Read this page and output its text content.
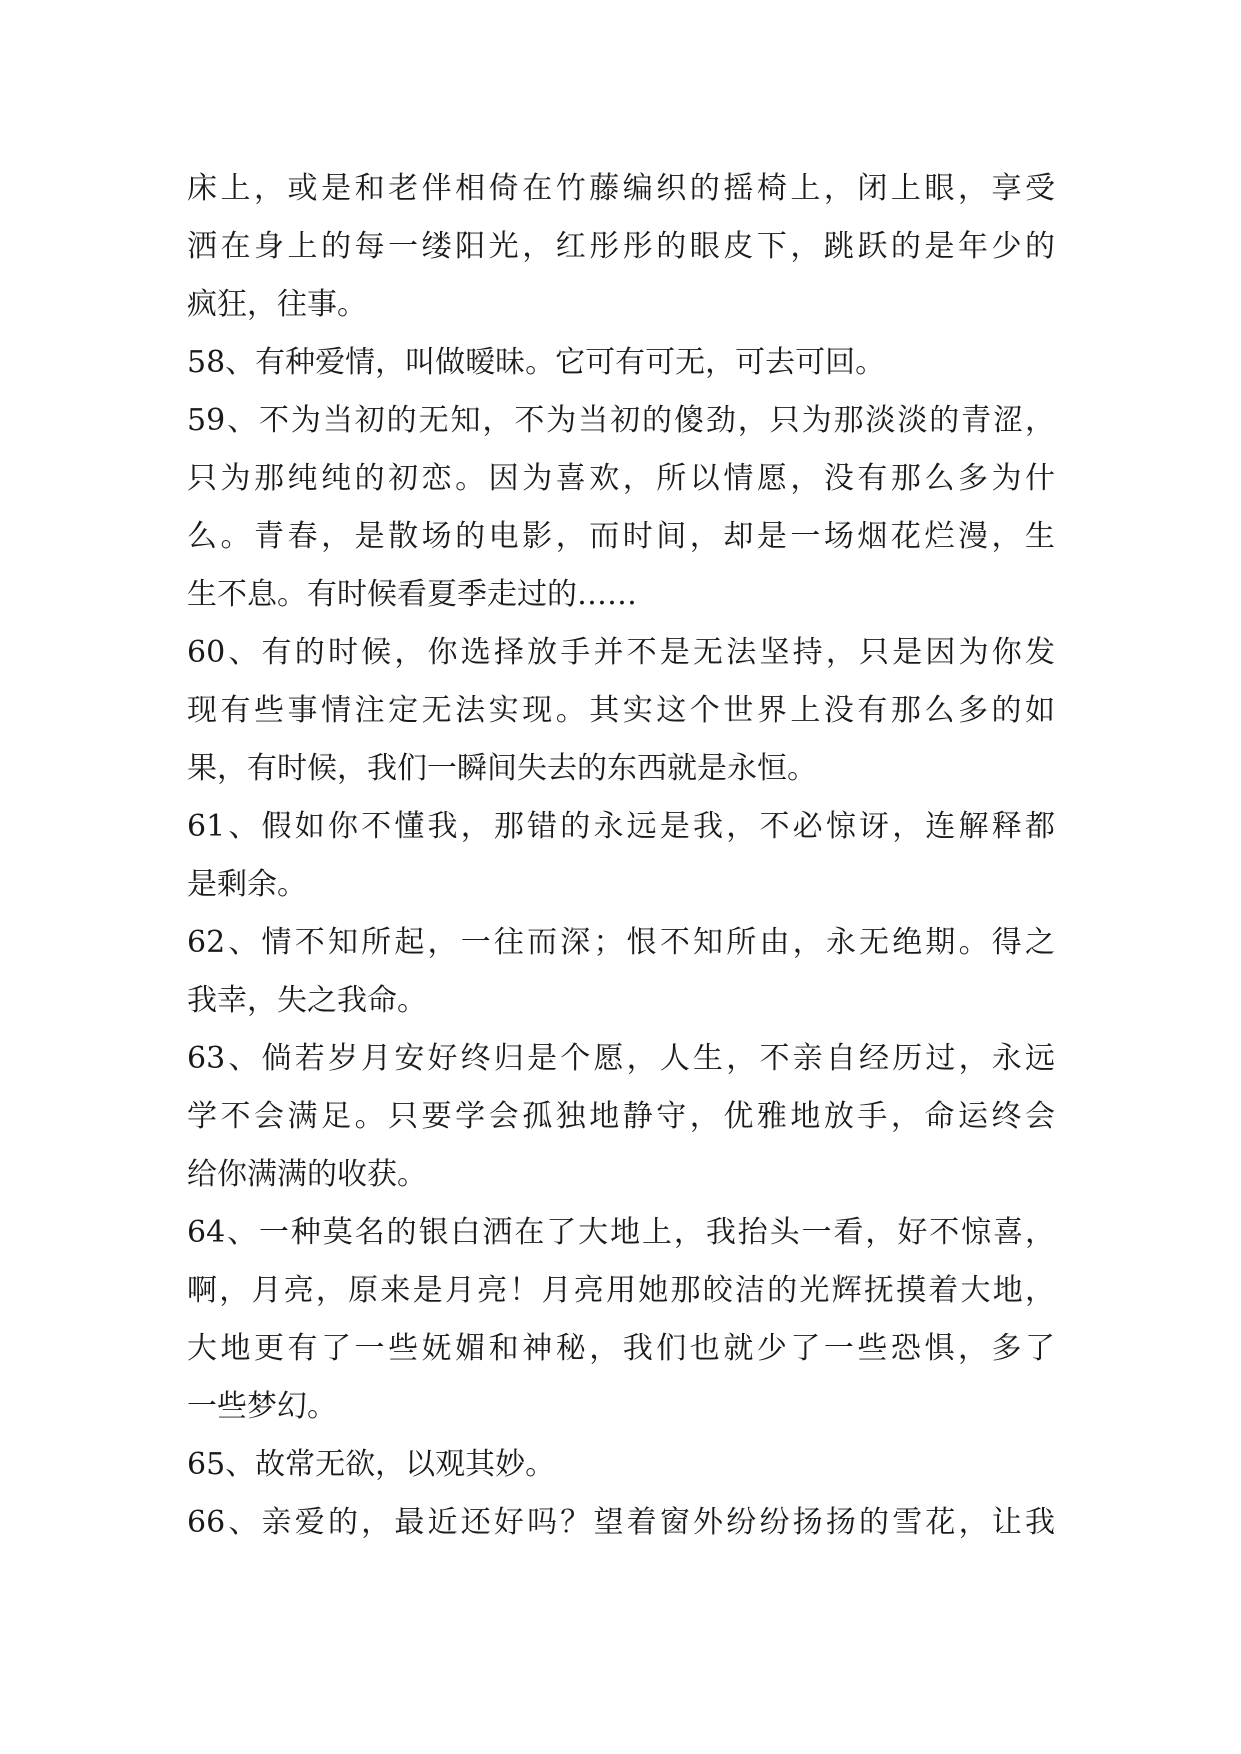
床上，或是和老伴相倚在竹藤编织的摇椅上，闭上眼，享受
洒在身上的每一缕阳光，红彤彤的眼皮下，跳跃的是年少的
疯狂，往事。
58、有种爱情，叫做暧昧。它可有可无，可去可回。
59、不为当初的无知，不为当初的傻劲，只为那淡淡的青涩，
只为那纯纯的初恋。因为喜欢，所以情愿，没有那么多为什
么。青春，是散场的电影，而时间，却是一场烟花烂漫，生
生不息。有时候看夏季走过的……
60、有的时候，你选择放手并不是无法坚持，只是因为你发
现有些事情注定无法实现。其实这个世界上没有那么多的如
果，有时候，我们一瞬间失去的东西就是永恒。
61、假如你不懂我，那错的永远是我，不必惊讶，连解释都
是剩余。
62、情不知所起，一往而深；恨不知所由，永无绝期。得之
我幸，失之我命。
63、倘若岁月安好终归是个愿，人生，不亲自经历过，永远
学不会满足。只要学会孤独地静守，优雅地放手，命运终会
给你满满的收获。
64、一种莫名的银白洒在了大地上，我抬头一看，好不惊喜，
啊，月亮，原来是月亮！月亮用她那皎洁的光辉抚摸着大地，
大地更有了一些妩媚和神秘，我们也就少了一些恐惧，多了
一些梦幻。
65、故常无欲，以观其妙。
66、亲爱的，最近还好吗？望着窗外纷纷扬扬的雪花，让我
